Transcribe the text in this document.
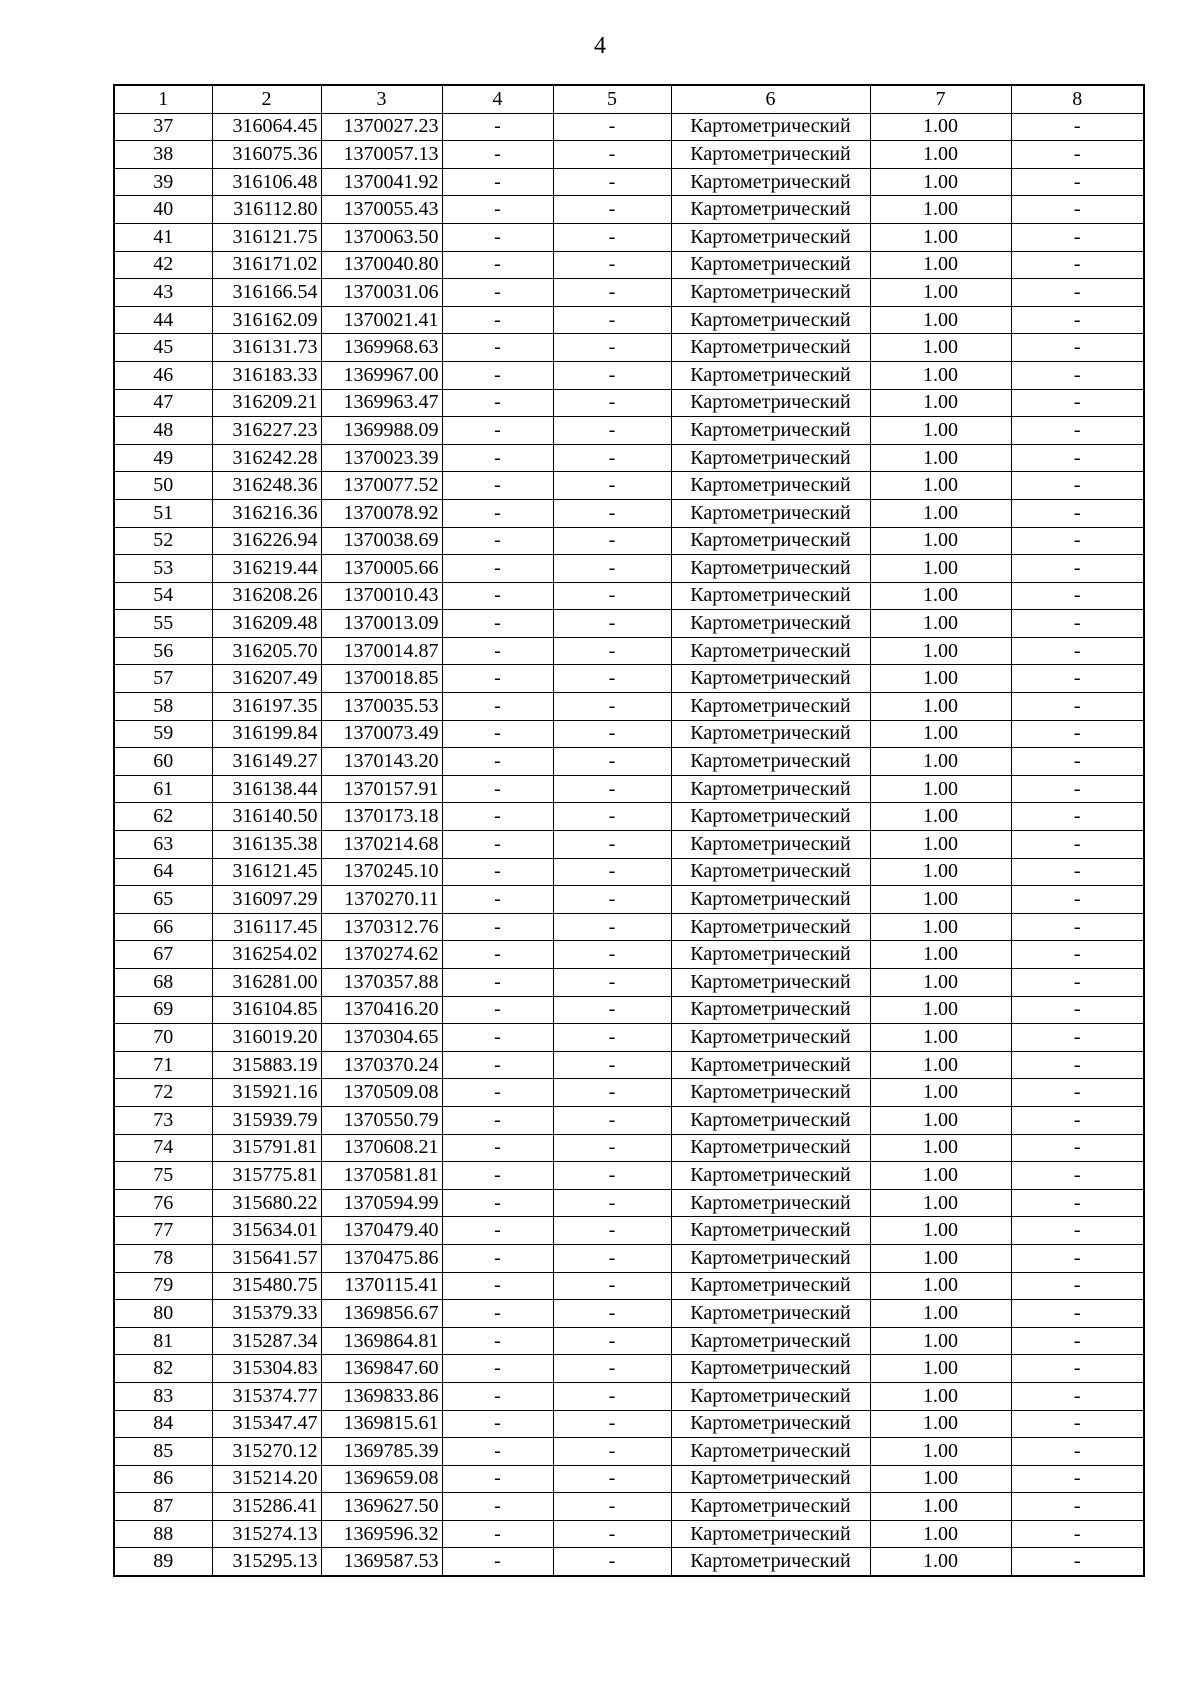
4
1	2	3	4	5	6	7	8
37	316064.45	1370027.23	-	-	Картометрический	1.00	-
38	316075.36	1370057.13	-	-	Картометрический	1.00	-
39	316106.48	1370041.92	-	-	Картометрический	1.00	-
40	316112.80	1370055.43	-	-	Картометрический	1.00	-
41	316121.75	1370063.50	-	-	Картометрический	1.00	-
42	316171.02	1370040.80	-	-	Картометрический	1.00	-
43	316166.54	1370031.06	-	-	Картометрический	1.00	-
44	316162.09	1370021.41	-	-	Картометрический	1.00	-
45	316131.73	1369968.63	-	-	Картометрический	1.00	-
46	316183.33	1369967.00	-	-	Картометрический	1.00	-
47	316209.21	1369963.47	-	-	Картометрический	1.00	-
48	316227.23	1369988.09	-	-	Картометрический	1.00	-
49	316242.28	1370023.39	-	-	Картометрический	1.00	-
50	316248.36	1370077.52	-	-	Картометрический	1.00	-
51	316216.36	1370078.92	-	-	Картометрический	1.00	-
52	316226.94	1370038.69	-	-	Картометрический	1.00	-
53	316219.44	1370005.66	-	-	Картометрический	1.00	-
54	316208.26	1370010.43	-	-	Картометрический	1.00	-
55	316209.48	1370013.09	-	-	Картометрический	1.00	-
56	316205.70	1370014.87	-	-	Картометрический	1.00	-
57	316207.49	1370018.85	-	-	Картометрический	1.00	-
58	316197.35	1370035.53	-	-	Картометрический	1.00	-
59	316199.84	1370073.49	-	-	Картометрический	1.00	-
60	316149.27	1370143.20	-	-	Картометрический	1.00	-
61	316138.44	1370157.91	-	-	Картометрический	1.00	-
62	316140.50	1370173.18	-	-	Картометрический	1.00	-
63	316135.38	1370214.68	-	-	Картометрический	1.00	-
64	316121.45	1370245.10	-	-	Картометрический	1.00	-
65	316097.29	1370270.11	-	-	Картометрический	1.00	-
66	316117.45	1370312.76	-	-	Картометрический	1.00	-
67	316254.02	1370274.62	-	-	Картометрический	1.00	-
68	316281.00	1370357.88	-	-	Картометрический	1.00	-
69	316104.85	1370416.20	-	-	Картометрический	1.00	-
70	316019.20	1370304.65	-	-	Картометрический	1.00	-
71	315883.19	1370370.24	-	-	Картометрический	1.00	-
72	315921.16	1370509.08	-	-	Картометрический	1.00	-
73	315939.79	1370550.79	-	-	Картометрический	1.00	-
74	315791.81	1370608.21	-	-	Картометрический	1.00	-
75	315775.81	1370581.81	-	-	Картометрический	1.00	-
76	315680.22	1370594.99	-	-	Картометрический	1.00	-
77	315634.01	1370479.40	-	-	Картометрический	1.00	-
78	315641.57	1370475.86	-	-	Картометрический	1.00	-
79	315480.75	1370115.41	-	-	Картометрический	1.00	-
80	315379.33	1369856.67	-	-	Картометрический	1.00	-
81	315287.34	1369864.81	-	-	Картометрический	1.00	-
82	315304.83	1369847.60	-	-	Картометрический	1.00	-
83	315374.77	1369833.86	-	-	Картометрический	1.00	-
84	315347.47	1369815.61	-	-	Картометрический	1.00	-
85	315270.12	1369785.39	-	-	Картометрический	1.00	-
86	315214.20	1369659.08	-	-	Картометрический	1.00	-
87	315286.41	1369627.50	-	-	Картометрический	1.00	-
88	315274.13	1369596.32	-	-	Картометрический	1.00	-
89	315295.13	1369587.53	-	-	Картометрический	1.00	-
